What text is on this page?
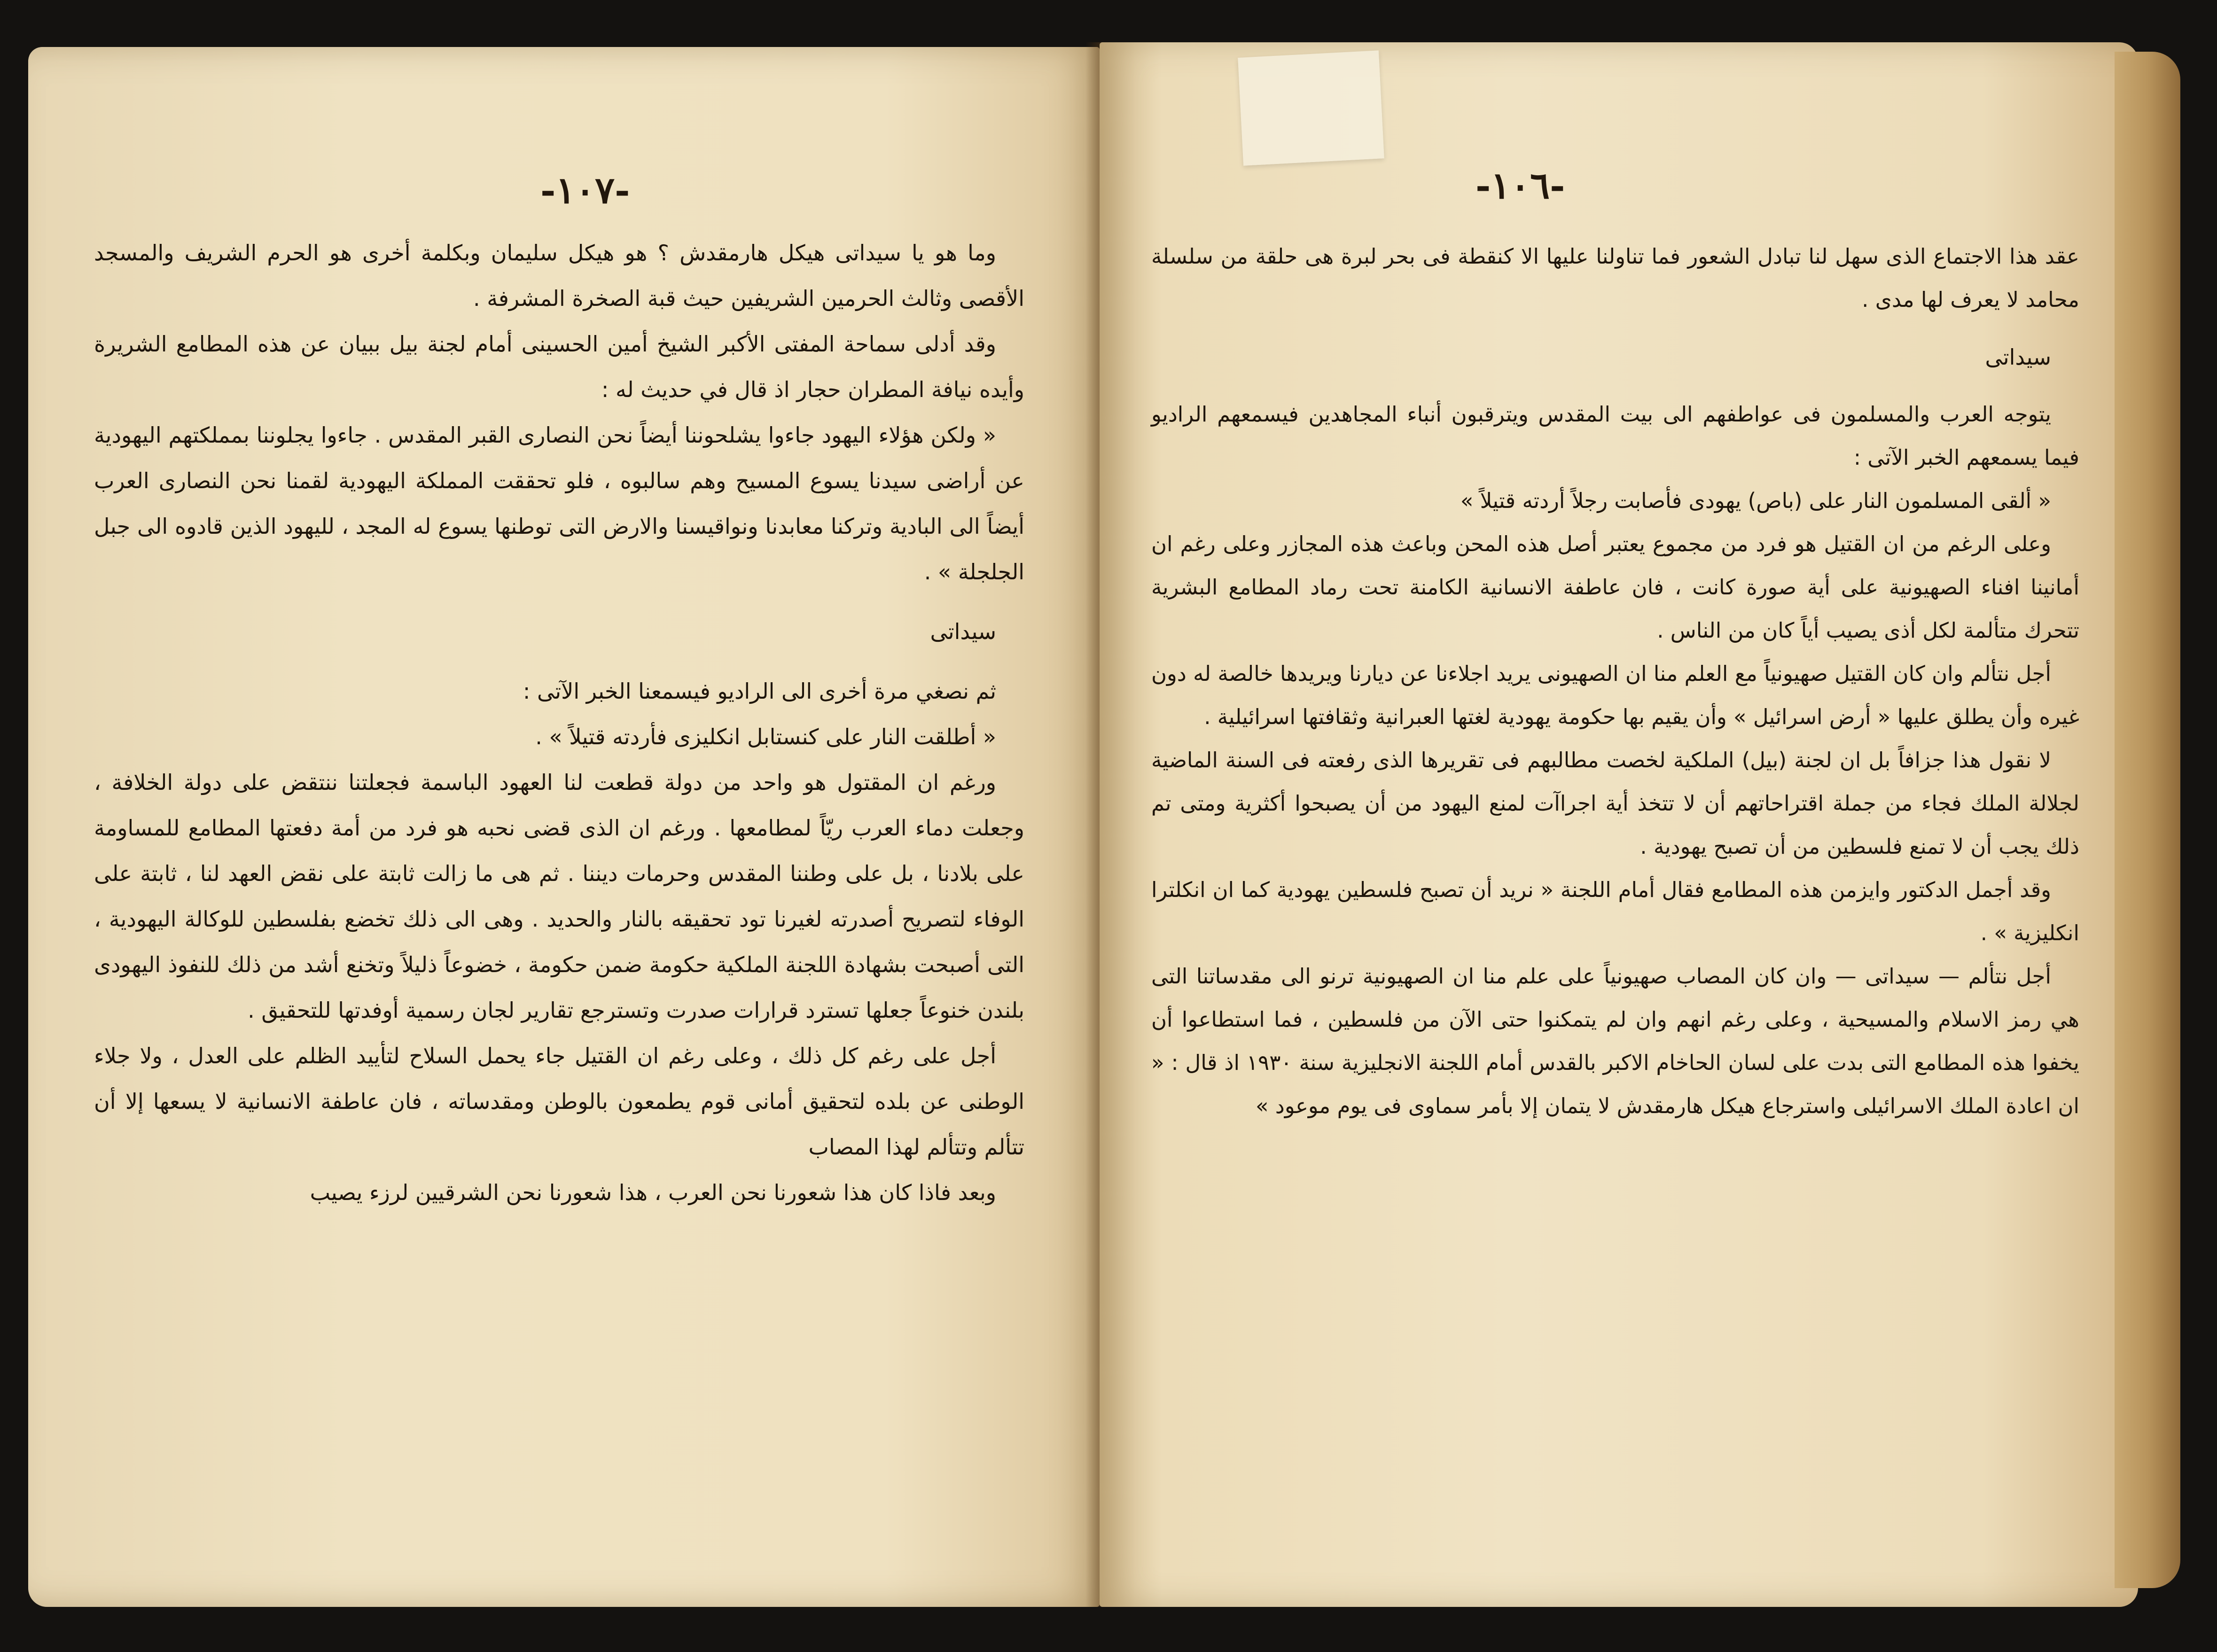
-١٠٧-	-١٠٦-

وما هو يا سيداتى هيكل هارمقدش ؟ هو هيكل سليمان وبكلمة أخرى هو الحرم الشريف والمسجد الأقصى وثالث الحرمين الشريفين حيث قبة الصخرة المشرفة .

وقد أدلى سماحة المفتى الأكبر الشيخ أمين الحسينى أمام لجنة بيل ببيان عن هذه المطامع الشريرة وأيده نيافة المطران حجار اذ قال في حديث له :

« ولكن هؤلاء اليهود جاءوا يشلحوننا أيضاً نحن النصارى القبر المقدس . جاءوا يجلوننا بمملكتهم اليهودية عن أراضى سيدنا يسوع المسيح وهم سالبوه ، فلو تحققت المملكة اليهودية لقمنا نحن النصارى العرب أيضاً الى البادية وتركنا معابدنا ونواقيسنا والارض التى توطنها يسوع له المجد ، لليهود الذين قادوه الى جبل الجلجلة » .

سيداتى

ثم نصغي مرة أخرى الى الراديو فيسمعنا الخبر الآتى :

« أطلقت النار على كنستابل انكليزى فأردته قتيلاً » .

ورغم ان المقتول هو واحد من دولة قطعت لنا العهود الباسمة فجعلتنا ننتقض على دولة الخلافة ، وجعلت دماء العرب ريّاً لمطامعها . ورغم ان الذى قضى نحبه هو فرد من أمة دفعتها المطامع للمساومة على بلادنا ، بل على وطننا المقدس وحرمات ديننا . ثم هى ما زالت ثابتة على نقض العهد لنا ، ثابتة على الوفاء لتصريح أصدرته لغيرنا تود تحقيقه بالنار والحديد . وهى الى ذلك تخضع بفلسطين للوكالة اليهودية ، التى أصبحت بشهادة اللجنة الملكية حكومة ضمن حكومة ، خضوعاً ذليلاً وتخنع أشد من ذلك للنفوذ اليهودى بلندن خنوعاً جعلها تسترد قرارات صدرت وتسترجع تقارير لجان رسمية أوفدتها للتحقيق .

أجل على رغم كل ذلك ، وعلى رغم ان القتيل جاء يحمل السلاح لتأييد الظلم على العدل ، ولا جلاء الوطنى عن بلده لتحقيق أمانى قوم يطمعون بالوطن ومقدساته ، فان عاطفة الانسانية لا يسعها إلا أن تتألم وتتألم لهذا المصاب

وبعد فاذا كان هذا شعورنا نحن العرب ، هذا شعورنا نحن الشرقيين لرزء يصيب

عقد هذا الاجتماع الذى سهل لنا تبادل الشعور فما تناولنا عليها الا كنقطة فى بحر لبرة هى حلقة من سلسلة محامد لا يعرف لها مدى .

سيداتى

يتوجه العرب والمسلمون فى عواطفهم الى بيت المقدس ويترقبون أنباء المجاهدين فيسمعهم الراديو فيما يسمعهم الخبر الآتى :

« ألقى المسلمون النار على (باص) يهودى فأصابت رجلاً أردته قتيلاً »

وعلى الرغم من ان القتيل هو فرد من مجموع يعتبر أصل هذه المحن وباعث هذه المجازر وعلى رغم ان أمانينا افناء الصهيونية على أية صورة كانت ، فان عاطفة الانسانية الكامنة تحت رماد المطامع البشرية تتحرك متألمة لكل أذى يصيب أياً كان من الناس .

أجل نتألم وان كان القتيل صهيونياً مع العلم منا ان الصهيونى يريد اجلاءنا عن ديارنا ويريدها خالصة له دون غيره وأن يطلق عليها « أرض اسرائيل » وأن يقيم بها حكومة يهودية لغتها العبرانية وثقافتها اسرائيلية .

لا نقول هذا جزافاً بل ان لجنة (بيل) الملكية لخصت مطالبهم فى تقريرها الذى رفعته فى السنة الماضية لجلالة الملك فجاء من جملة اقتراحاتهم أن لا تتخذ أية اجراآت لمنع اليهود من أن يصبحوا أكثرية ومتى تم ذلك يجب أن لا تمنع فلسطين من أن تصبح يهودية .

وقد أجمل الدكتور وايزمن هذه المطامع فقال أمام اللجنة « نريد أن تصبح فلسطين يهودية كما ان انكلترا انكليزية » .

أجل نتألم — سيداتى — وان كان المصاب صهيونياً على علم منا ان الصهيونية ترنو الى مقدساتنا التى هي رمز الاسلام والمسيحية ، وعلى رغم انهم وان لم يتمكنوا حتى الآن من فلسطين ، فما استطاعوا أن يخفوا هذه المطامع التى بدت على لسان الحاخام الاكبر بالقدس أمام اللجنة الانجليزية سنة ١٩٣٠ اذ قال : « ان اعادة الملك الاسرائيلى واسترجاع هيكل هارمقدش لا يتمان إلا بأمر سماوى فى يوم موعود »
